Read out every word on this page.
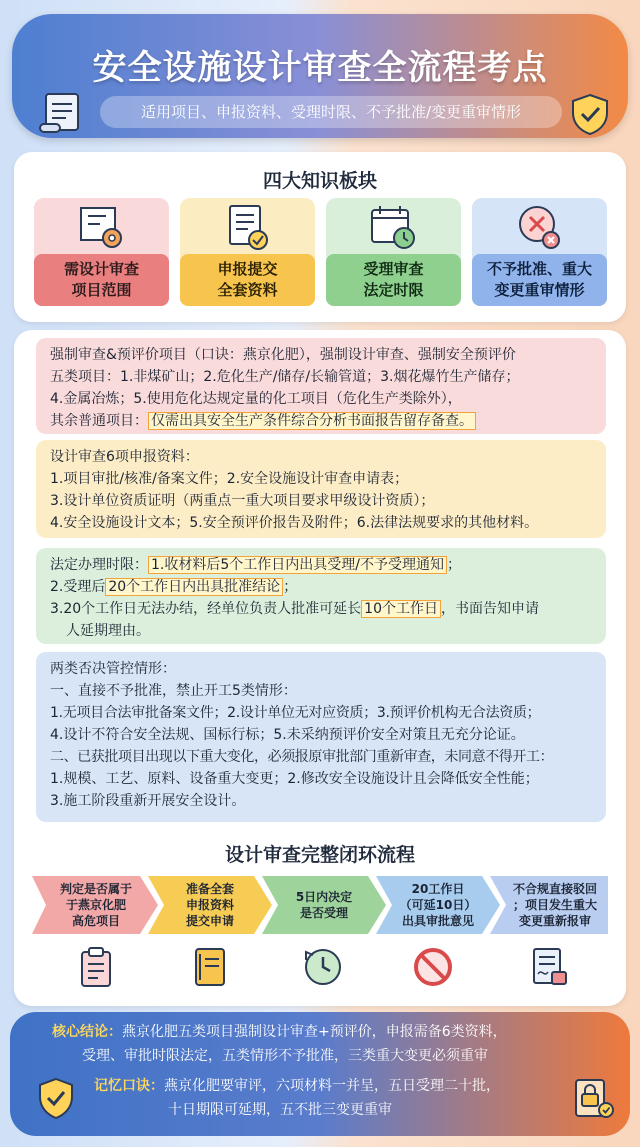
安全设施设计审查全流程考点
适用项目、申报资料、受理时限、不予批准/变更重审情形
四大知识板块
需设计审查
项目范围
申报提交
全套资料
受理审查
法定时限
不予批准、重大
变更重审情形
强制审查&预评价项目（口诀：燕京化肥），强制设计审查、强制安全预评价
五类项目：1.非煤矿山；2.危化生产/储存/长输管道；3.烟花爆竹生产储存；
4.金属冶炼；5.使用危化达规定量的化工项目（危化生产类除外），
其余普通项目： 仅需出具安全生产条件综合分析书面报告留存备查。
设计审查6项申报资料：
1.项目审批/核准/备案文件；2.安全设施设计审查申请表；
3.设计单位资质证明（两重点一重大项目要求甲级设计资质）；
4.安全设施设计文本；5.安全预评价报告及附件；6.法律法规要求的其他材料。
法定办理时限： 1.收材料后5个工作日内出具受理/不予受理通知 ；
2.受理后 20个工作日内出具批准结论 ；
3.20个工作日无法办结，经单位负责人批准可延长 10个工作日 ，书面告知申请
人延期理由。
两类否决管控情形：
一、直接不予批准，禁止开工5类情形：
1.无项目合法审批备案文件；2.设计单位无对应资质；3.预评价机构无合法资质；
4.设计不符合安全法规、国标行标；5.未采纳预评价安全对策且无充分论证。
二、已获批项目出现以下重大变化，必须报原审批部门重新审查，未同意不得开工：
1.规模、工艺、原料、设备重大变更；2.修改安全设施设计且会降低安全性能；
3.施工阶段重新开展安全设计。
设计审查完整闭环流程
判定是否属于
于燕京化肥
高危项目
准备全套
申报资料
提交申请
5日内决定
是否受理
20工作日
（可延10日）
出具审批意见
不合规直接驳回
；项目发生重大
变更重新报审
核心结论：燕京化肥五类项目强制设计审查+预评价，申报需备6类资料，
受理、审批时限法定，五类情形不予批准，三类重大变更必须重审
记忆口诀：燕京化肥要审评，六项材料一并呈，五日受理二十批，
十日期限可延期，五不批三变更重审
